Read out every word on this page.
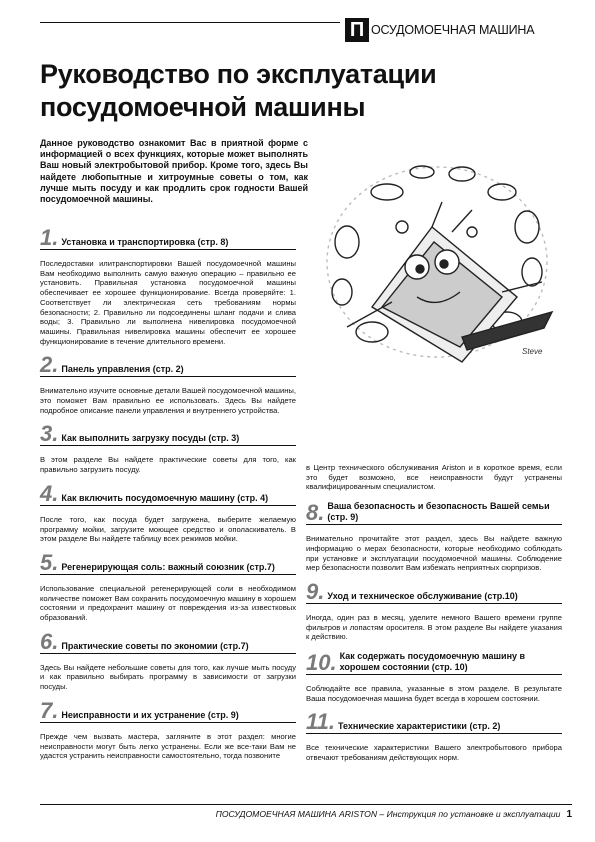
П ОСУДОМОЕЧНАЯ МАШИНА
Руководство по эксплуатации посудомоечной машины
Данное руководство ознакомит Вас в приятной форме с информацией о всех функциях, которые может выполнять Ваш новый электробытовой прибор. Кроме того, здесь Вы найдете любопытные и хитроумные советы о том, как лучше мыть посуду и как продлить срок годности Вашей посудомоечной машины.
Steve
1. Установка и транспортировка (стр. 8)

Последоставки илитранспортировки Вашей посудомоечной машины Вам необходимо выполнить самую важную операцию – правильно ее установить. Правильная установка посудомоечной машины обеспечивает ее хорошее функционирование. Всегда проверяйте: 1. Соответствует ли электрическая сеть требованиям нормы безопасности; 2. Правильно ли подсоединены шланг подачи и слива воды; 3. Правильно ли выполнена нивелировка посудомоечной машины. Правильная нивелировка машины обеспечит ее хорошее функционирование в течение длительного времени.

2. Панель управления (стр. 2)

Внимательно изучите основные детали Вашей посудомоечной машины, это поможет Вам правильно ее использовать. Здесь Вы найдете подробное описание панели управления и внутреннего устройства.

3. Как выполнить загрузку посуды (стр. 3)

В этом разделе Вы найдете практические советы для того, как правильно загрузить посуду.

4. Как включить посудомоечную машину (стр. 4)

После того, как посуда будет загружена, выберите желаемую программу мойки, загрузите моющее средство и ополаскиватель. В этом разделе Вы найдете таблицу всех режимов мойки.

5. Регенерирующая соль: важный союзник (стр.7)

Использование специальной регенерирующей соли в необходимом количестве поможет Вам сохранить посудомоечную машину в хорошем состоянии и предохранит машину от повреждения из-за известковых образований.

6. Практические советы по экономии (стр.7)

Здесь Вы найдете небольшие советы для того, как лучше мыть посуду и как правильно выбирать программу в зависимости от загрузки посуды.

7. Неисправности и их устранение (стр. 9)

Прежде чем вызвать мастера, загляните в этот раздел: многие неисправности могут быть легко устранены. Если же все-таки Вам не удастся устранить неисправности самостоятельно, тогда позвоните

в Центр технического обслуживания Ariston и в короткое время, если это будет возможно, все неисправности будут устранены квалифицированным специалистом.

8. Ваша безопасность и безопасность Вашей семьи (стр. 9)

Внимательно прочитайте этот раздел, здесь Вы найдете важную информацию о мерах безопасности, которые необходимо соблюдать при установке и эксплуатации посудомоечной машины. Соблюдение мер безопасности позволит Вам избежать неприятных сюрпризов.

9. Уход и техническое обслуживание (стр.10)

Иногда, один раз в месяц, уделите немного Вашего времени группе фильтров и лопастям оросителя. В этом разделе Вы найдете указания к действию.

10. Как содержать посудомоечную машину в хорошем состоянии (стр. 10)

Соблюдайте все правила, указанные в этом разделе. В результате Ваша посудомоечная машина будет всегда в хорошем состоянии.

11. Технические характеристики (стр. 2)

Все технические характеристики Вашего электробытового прибора отвечают требованиям действующих норм.

ПОСУДОМОЕЧНАЯ МАШИНА ARISTON – Инструкция по установке и эксплуатации 1
